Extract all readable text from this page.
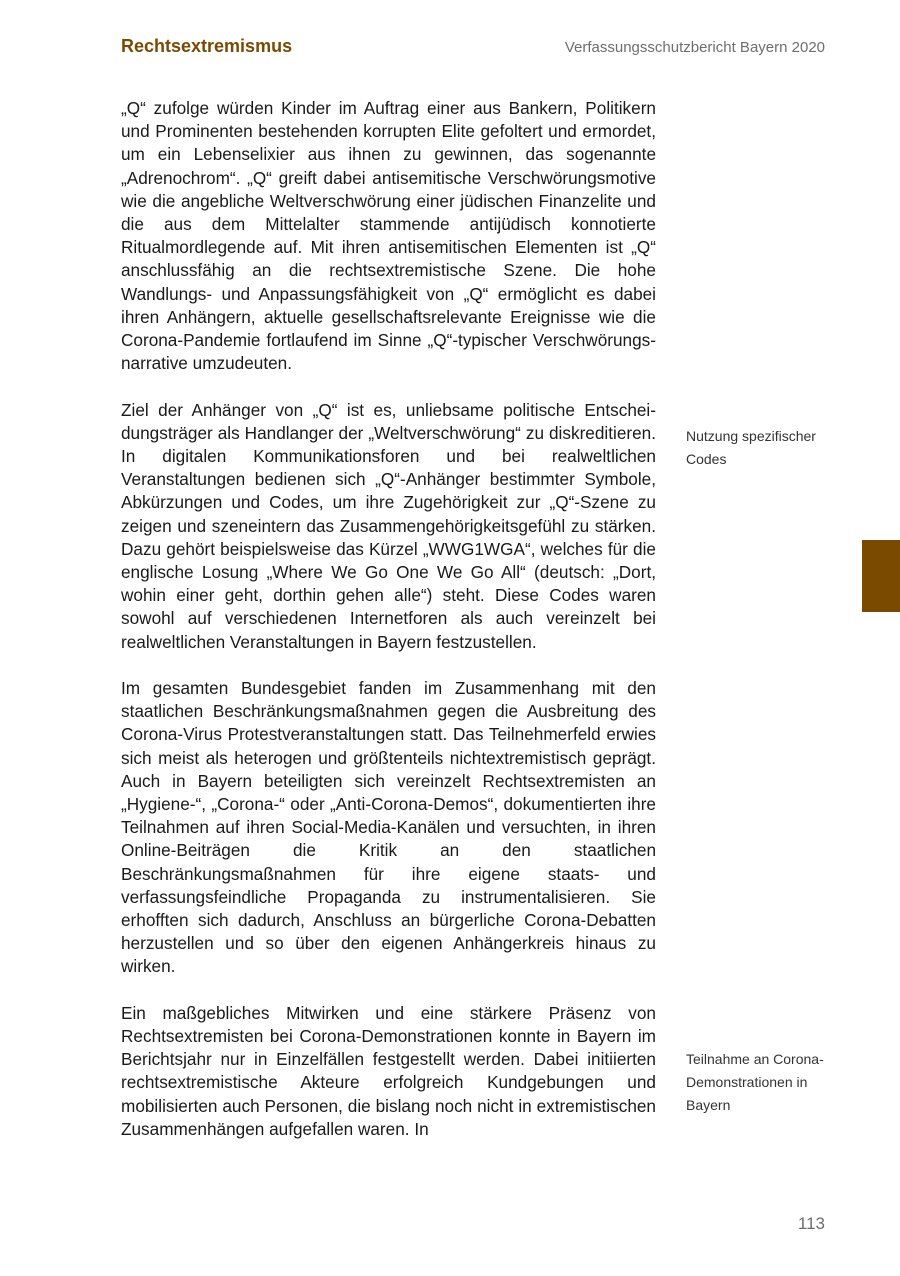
Rechtsextremismus	Verfassungsschutzbericht Bayern 2020

„Q“ zufolge würden Kinder im Auftrag einer aus Bankern, Politikern und Prominenten bestehenden korrupten Elite gefoltert und ermordet, um ein Lebenselixier aus ihnen zu gewinnen, das sogenannte „Adrenochrom“. „Q“ greift dabei antisemitische Verschwörungsmotive wie die angebliche Weltverschwörung einer jüdischen Finanzelite und die aus dem Mittelalter stammende antijüdisch konnotierte Ritualmordlegende auf. Mit ihren antisemitischen Elementen ist „Q“ anschlussfähig an die rechtsextremistische Szene. Die hohe Wandlungs- und Anpassungsfähigkeit von „Q“ ermöglicht es dabei ihren Anhängern, aktuelle gesellschaftsrelevante Ereignisse wie die Corona-Pandemie fortlaufend im Sinne „Q“-typischer Verschwörungsnarrative umzudeuten.

Ziel der Anhänger von „Q“ ist es, unliebsame politische Entscheidungsträger als Handlanger der „Weltverschwörung“ zu diskreditieren. In digitalen Kommunikationsforen und bei realweltlichen Veranstaltungen bedienen sich „Q“-Anhänger bestimmter Symbole, Abkürzungen und Codes, um ihre Zugehörigkeit zur „Q“-Szene zu zeigen und szeneintern das Zusammengehörigkeitsgefühl zu stärken. Dazu gehört beispielsweise das Kürzel „WWG1WGA“, welches für die englische Losung „Where We Go One We Go All“ (deutsch: „Dort, wohin einer geht, dorthin gehen alle“) steht. Diese Codes waren sowohl auf verschiedenen Internetforen als auch vereinzelt bei realweltlichen Veranstaltungen in Bayern festzustellen.

Im gesamten Bundesgebiet fanden im Zusammenhang mit den staatlichen Beschränkungsmaßnahmen gegen die Ausbreitung des Corona-Virus Protestveranstaltungen statt. Das Teilnehmerfeld erwies sich meist als heterogen und größtenteils nichtextremistisch geprägt. Auch in Bayern beteiligten sich vereinzelt Rechtsextremisten an „Hygiene-“, „Corona-“ oder „Anti-Corona-Demos“, dokumentierten ihre Teilnahmen auf ihren Social-Media-Kanälen und versuchten, in ihren Online-Beiträgen die Kritik an den staatlichen Beschränkungsmaßnahmen für ihre eigene staats- und verfassungsfeindliche Propaganda zu instrumentalisieren. Sie erhofften sich dadurch, Anschluss an bürgerliche Corona-Debatten herzustellen und so über den eigenen Anhängerkreis hinaus zu wirken.

Ein maßgebliches Mitwirken und eine stärkere Präsenz von Rechtsextremisten bei Corona-Demonstrationen konnte in Bayern im Berichtsjahr nur in Einzelfällen festgestellt werden. Dabei initiierten rechtsextremistische Akteure erfolgreich Kundgebungen und mobilisierten auch Personen, die bislang noch nicht in extremistischen Zusammenhängen aufgefallen waren. In

Nutzung spezifischer Codes
Teilnahme an Corona-Demonstrationen in Bayern
113
